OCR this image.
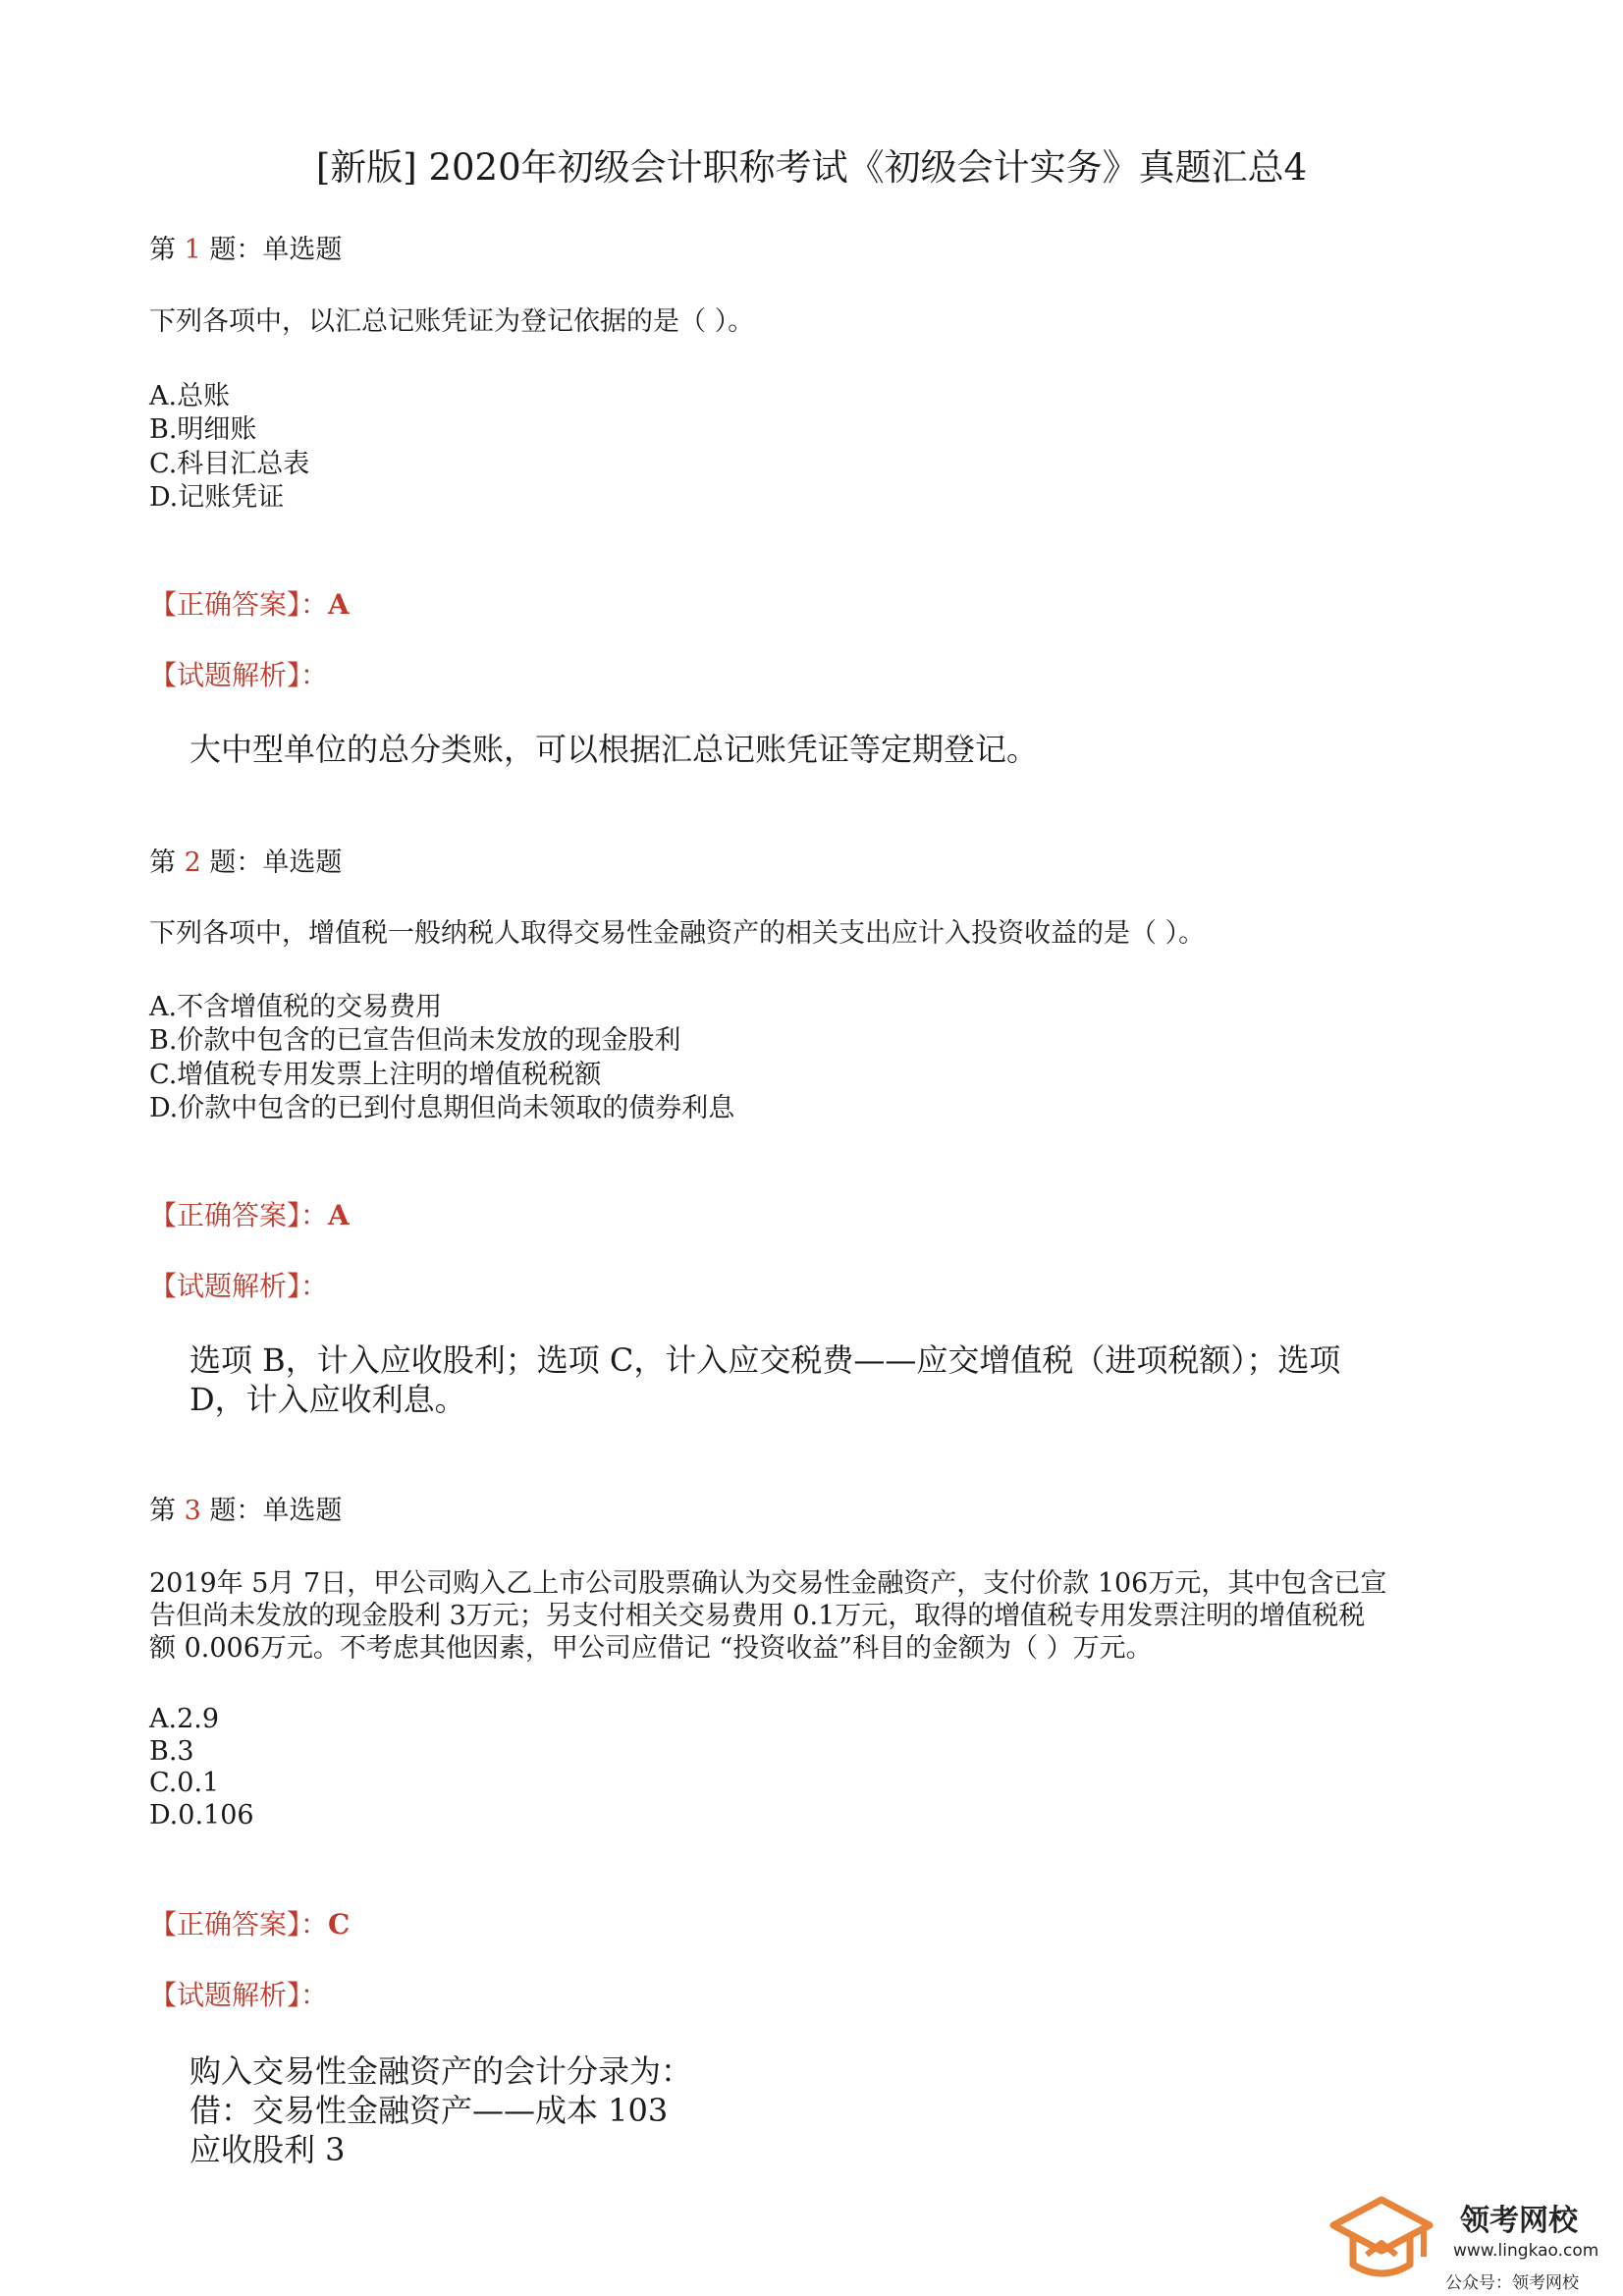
[新版] 2020年初级会计职称考试《初级会计实务》真题汇总4
第 1 题：单选题
下列各项中，以汇总记账凭证为登记依据的是（ ）。
A.总账
B.明细账
C.科目汇总表
D.记账凭证
【正确答案】：A
【试题解析】：
大中型单位的总分类账，可以根据汇总记账凭证等定期登记。
第 2 题：单选题
下列各项中，增值税一般纳税人取得交易性金融资产的相关支出应计入投资收益的是（ ）。
A.不含增值税的交易费用
B.价款中包含的已宣告但尚未发放的现金股利
C.增值税专用发票上注明的增值税税额
D.价款中包含的已到付息期但尚未领取的债券利息
【正确答案】：A
【试题解析】：
选项 B，计入应收股利；选项 C，计入应交税费——应交增值税（进项税额）；选项
D，计入应收利息。
第 3 题：单选题
2019年 5月 7日，甲公司购入乙上市公司股票确认为交易性金融资产，支付价款 106万元，其中包含已宣
告但尚未发放的现金股利 3万元；另支付相关交易费用 0.1万元，取得的增值税专用发票注明的增值税税
额 0.006万元。不考虑其他因素，甲公司应借记 “投资收益”科目的金额为（ ）万元。
A.2.9
B.3
C.0.1
D.0.106
【正确答案】：C
【试题解析】：
购入交易性金融资产的会计分录为：
借：交易性金融资产——成本 103
应收股利 3
领考网校
www.lingkao.com
公众号：领考网校
